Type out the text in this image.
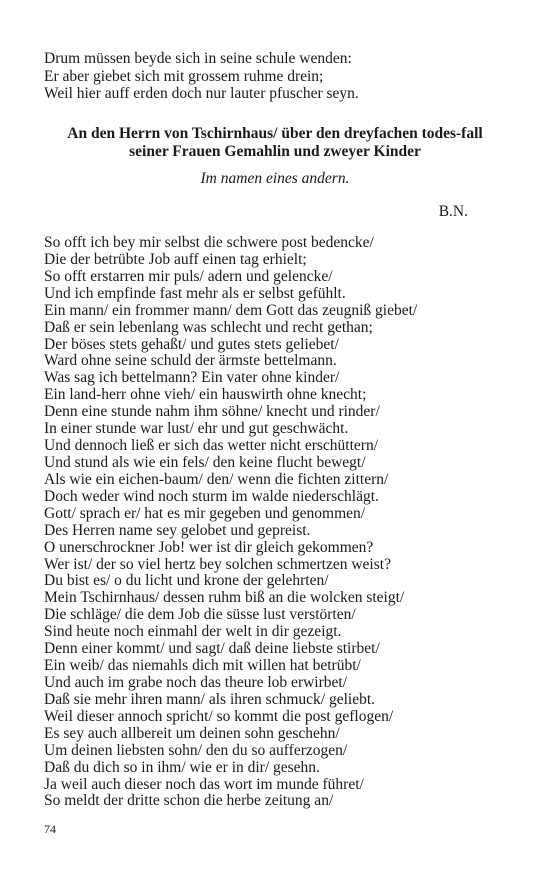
Drum müssen beyde sich in seine schule wenden:
Er aber giebet sich mit grossem ruhme drein;
Weil hier auff erden doch nur lauter pfuscher seyn.
An den Herrn von Tschirnhaus/ über den dreyfachen todes-fall
seiner Frauen Gemahlin und zweyer Kinder
Im namen eines andern.
B.N.
So offt ich bey mir selbst die schwere post bedencke/
Die der betrübte Job auff einen tag erhielt;
So offt erstarren mir puls/ adern und gelencke/
Und ich empfinde fast mehr als er selbst gefühlt.
Ein mann/ ein frommer mann/ dem Gott das zeugniß giebet/
Daß er sein lebenlang was schlecht und recht gethan;
Der böses stets gehaßt/ und gutes stets geliebet/
Ward ohne seine schuld der ärmste bettelmann.
Was sag ich bettelmann? Ein vater ohne kinder/
Ein land-herr ohne vieh/ ein hauswirth ohne knecht;
Denn eine stunde nahm ihm söhne/ knecht und rinder/
In einer stunde war lust/ ehr und gut geschwächt.
Und dennoch ließ er sich das wetter nicht erschüttern/
Und stund als wie ein fels/ den keine flucht bewegt/
Als wie ein eichen-baum/ den/ wenn die fichten zittern/
Doch weder wind noch sturm im walde niederschlägt.
Gott/ sprach er/ hat es mir gegeben und genommen/
Des Herren name sey gelobet und gepreist.
O unerschrockner Job! wer ist dir gleich gekommen?
Wer ist/ der so viel hertz bey solchen schmertzen weist?
Du bist es/ o du licht und krone der gelehrten/
Mein Tschirnhaus/ dessen ruhm biß an die wolcken steigt/
Die schläge/ die dem Job die süsse lust verstörten/
Sind heute noch einmahl der welt in dir gezeigt.
Denn einer kommt/ und sagt/ daß deine liebste stirbet/
Ein weib/ das niemahls dich mit willen hat betrübt/
Und auch im grabe noch das theure lob erwirbet/
Daß sie mehr ihren mann/ als ihren schmuck/ geliebt.
Weil dieser annoch spricht/ so kommt die post geflogen/
Es sey auch allbereit um deinen sohn geschehn/
Um deinen liebsten sohn/ den du so aufferzogen/
Daß du dich so in ihm/ wie er in dir/ gesehn.
Ja weil auch dieser noch das wort im munde führet/
So meldt der dritte schon die herbe zeitung an/
74
